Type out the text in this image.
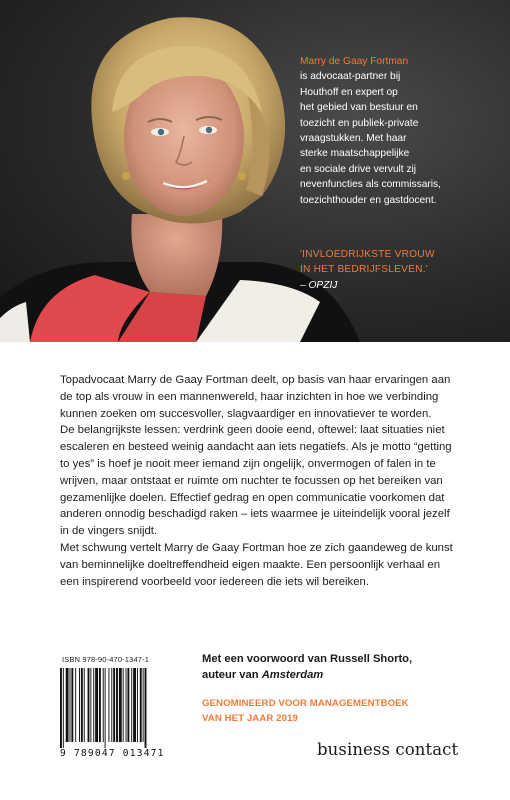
Marry de Gaay Fortman
is advocaat-partner bij
Houthoff en expert op
het gebied van bestuur en
toezicht en publiek-private
vraagstukken. Met haar
sterke maatschappelijke
en sociale drive vervult zij
nevenfuncties als commissaris,
toezichthouder en gastdocent.
'INVLOEDRIJKSTE VROUW
IN HET BEDRIJFSLEVEN.'
– OPZIJ

Topadvocaat Marry de Gaay Fortman deelt, op basis van haar ervaringen aan de top als vrouw in een mannenwereld, haar inzichten in hoe we verbinding kunnen zoeken om succesvoller, slagvaardiger en innovatiever te worden.

De belangrijkste lessen: verdrink geen dooie eend, oftewel: laat situaties niet escaleren en besteed weinig aandacht aan iets negatiefs. Als je motto “getting to yes” is hoef je nooit meer iemand zijn ongelijk, onvermogen of falen in te wrijven, maar ontstaat er ruimte om nuchter te focussen op het bereiken van gezamenlijke doelen. Effectief gedrag en open communicatie voorkomen dat anderen onnodig beschadigd raken – iets waarmee je uiteindelijk vooral jezelf in de vingers snijdt.

Met schwung vertelt Marry de Gaay Fortman hoe ze zich gaandeweg de kunst van beminnelijke doeltreffendheid eigen maakte. Een persoonlijk verhaal en een inspirerend voorbeeld voor iedereen die iets wil bereiken.

ISBN 978-90-470-1347-1
9 789047 013471
Met een voorwoord van Russell Shorto,
auteur van Amsterdam
GENOMINEERD VOOR MANAGEMENTBOEK
VAN HET JAAR 2019
business contact
